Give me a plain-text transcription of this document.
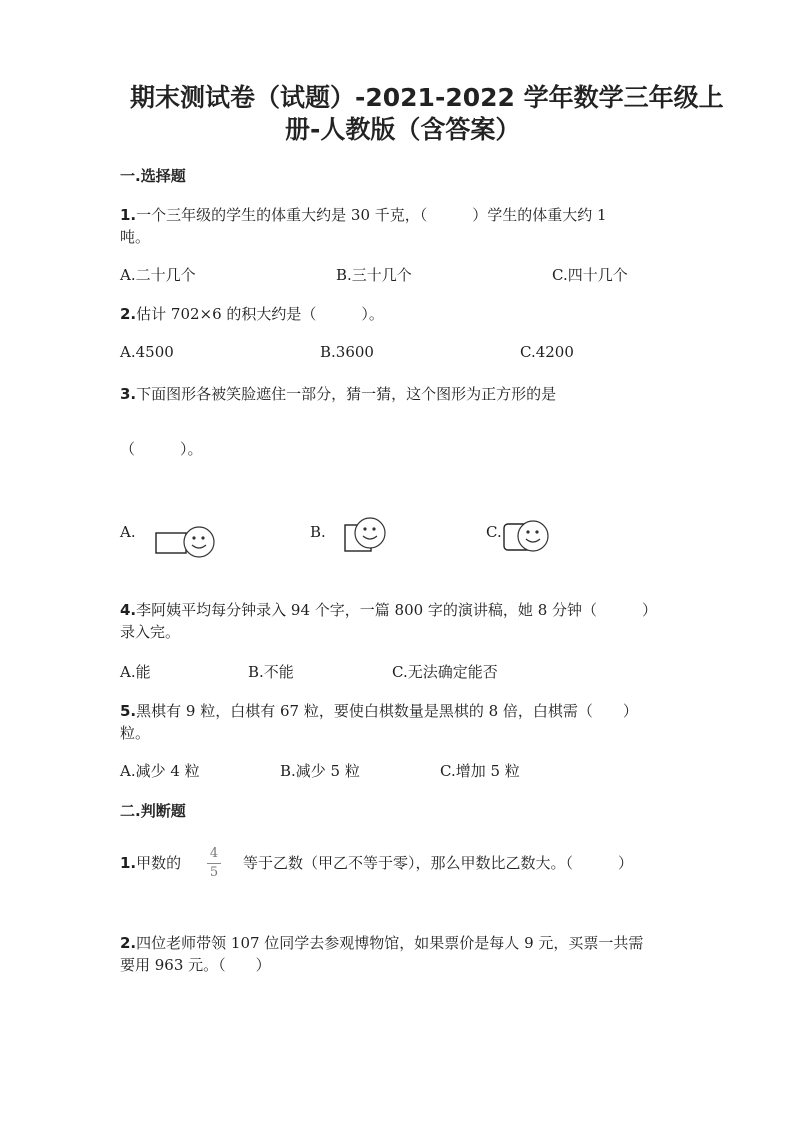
期末测试卷（试题）-2021-2022 学年数学三年级上
册-人教版（含答案）
一.选择题
1.一个三年级的学生的体重大约是 30 千克，（　　　）学生的体重大约 1
吨。
A.二十几个	B.三十几个	C.四十几个
2.估计 702×6 的积大约是（　　　）。
A.4500	B.3600	C.4200
3.下面图形各被笑脸遮住一部分，猜一猜，这个图形为正方形的是
（　　　）。
A.	B.	C.
4.李阿姨平均每分钟录入 94 个字，一篇 800 字的演讲稿，她 8 分钟（　　　）
录入完。
A.能	B.不能	C.无法确定能否
5.黑棋有 9 粒，白棋有 67 粒，要使白棋数量是黑棋的 8 倍，白棋需（　　）
粒。
A.减少 4 粒	B.减少 5 粒	C.增加 5 粒
二.判断题
1.甲数的
4
5
等于乙数（甲乙不等于零），那么甲数比乙数大。（　　　）
2.四位老师带领 107 位同学去参观博物馆，如果票价是每人 9 元，买票一共需
要用 963 元。（　　）
